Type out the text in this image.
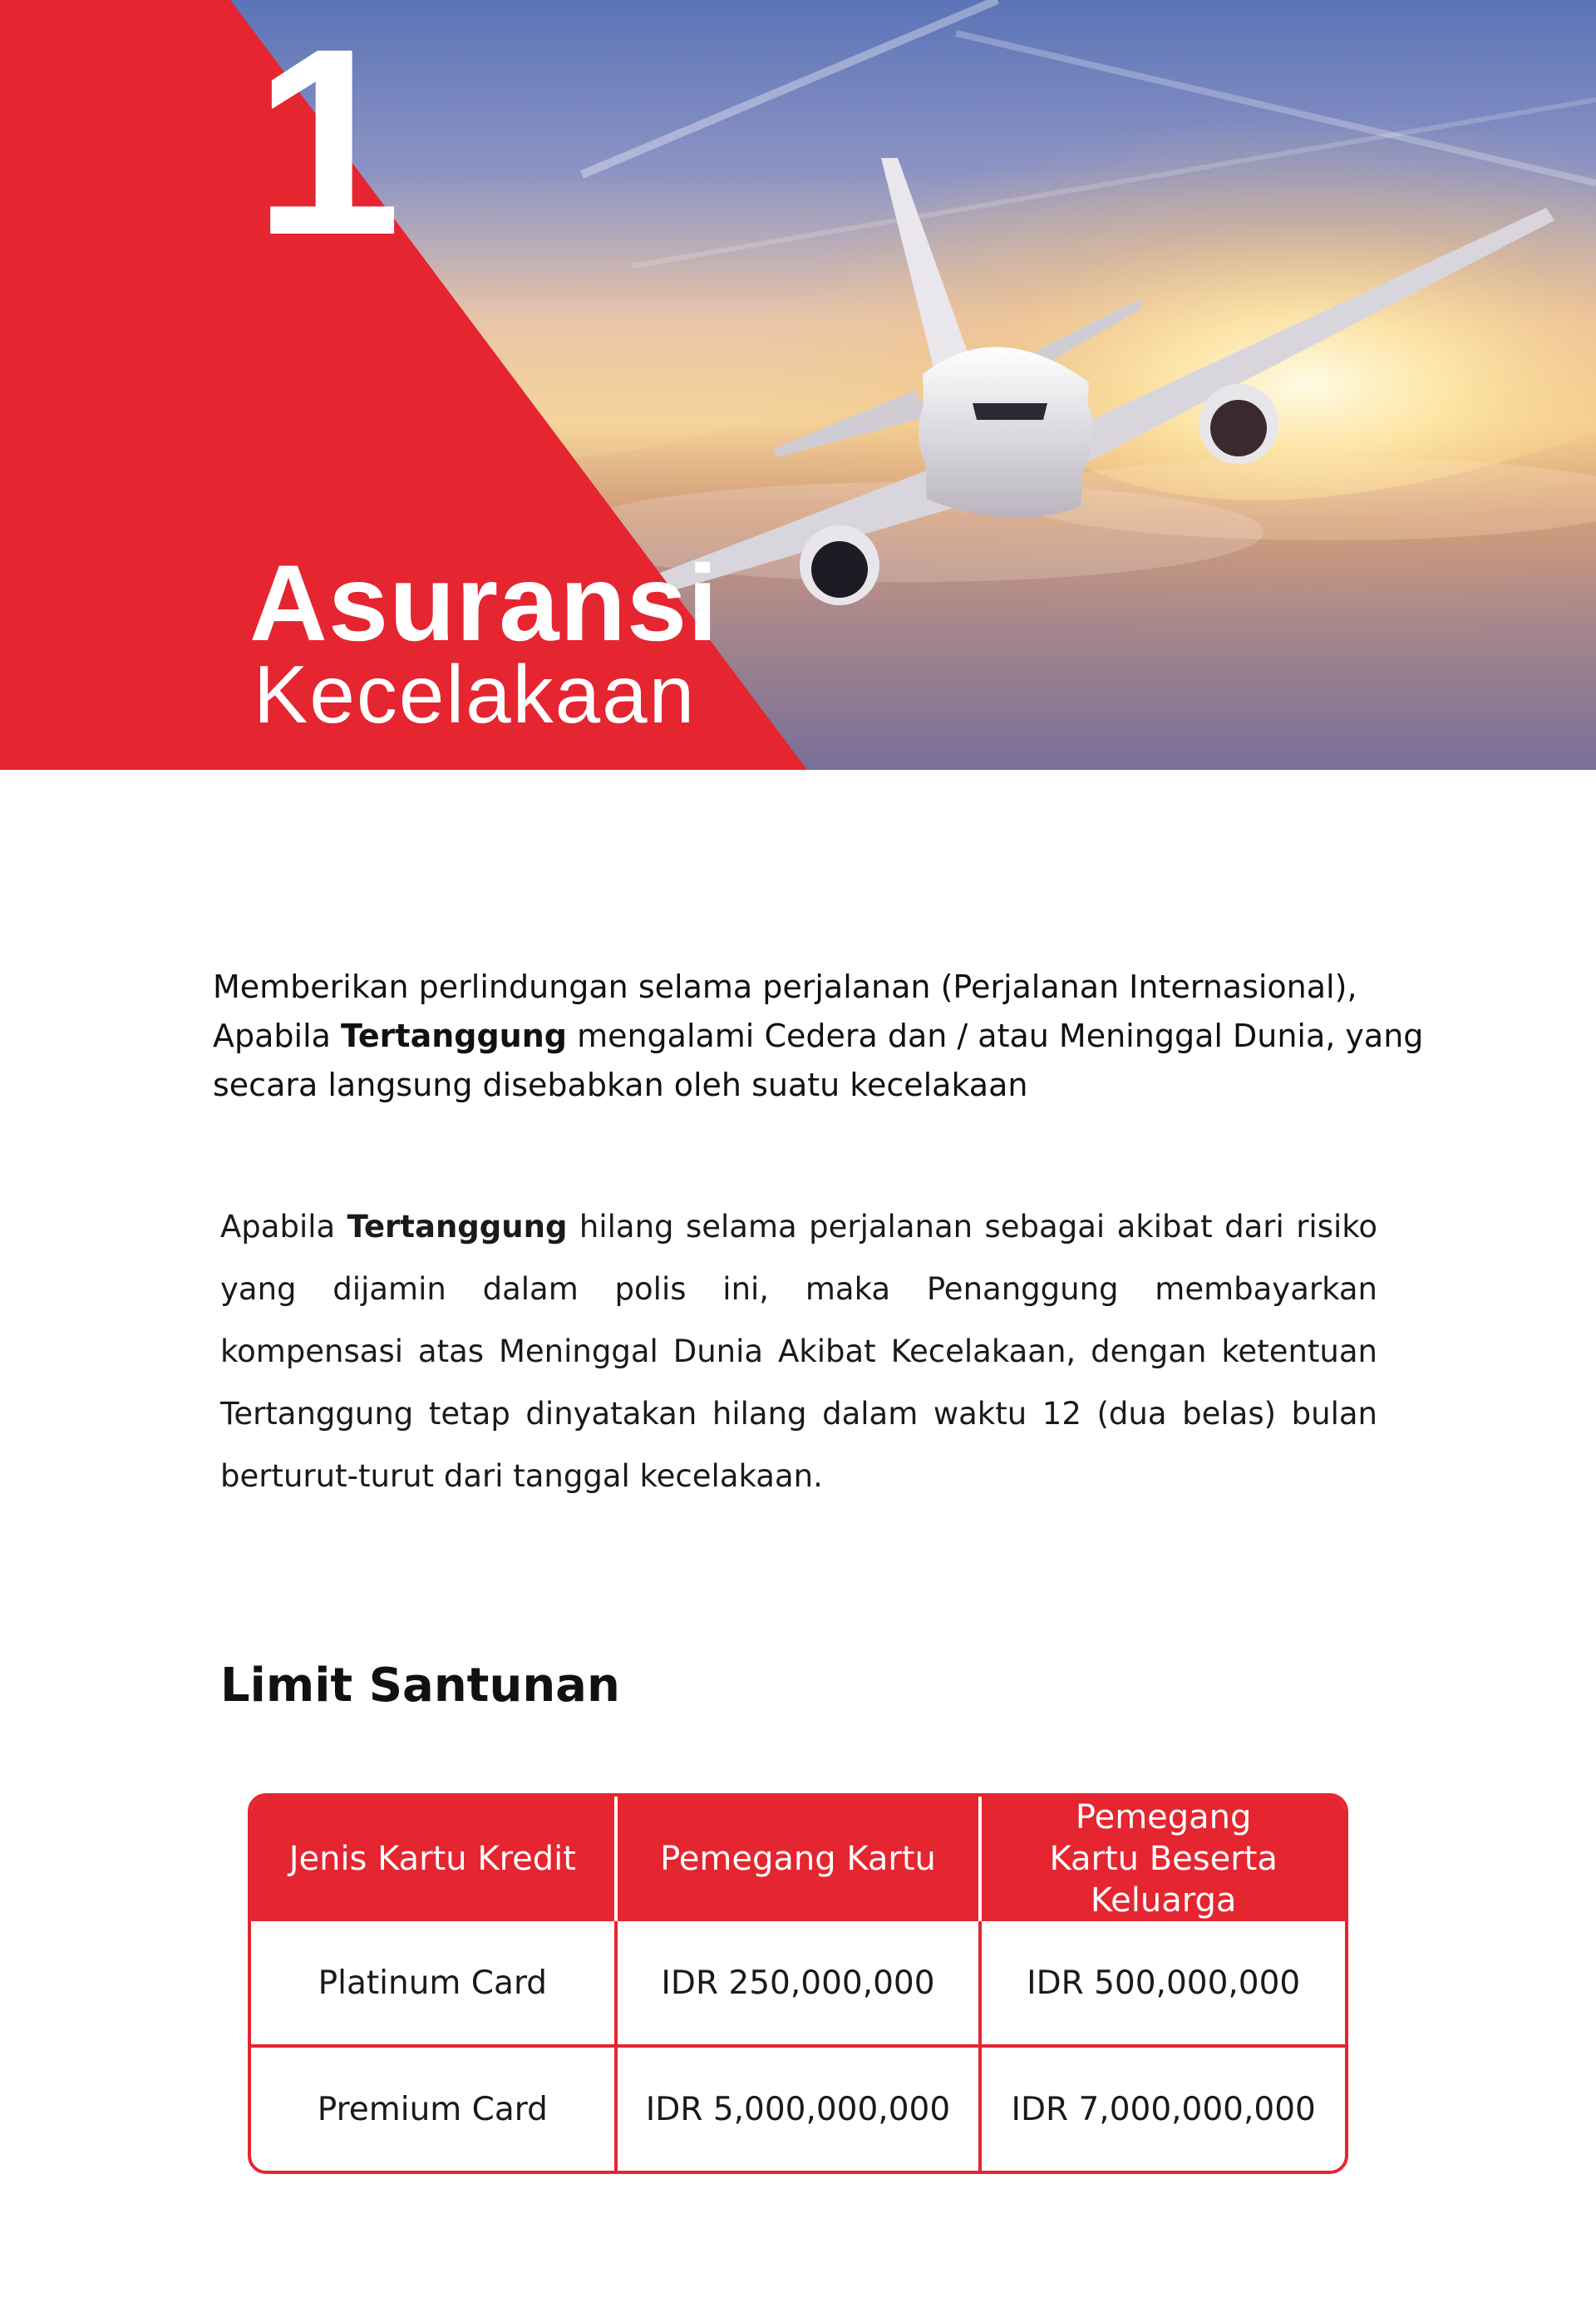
1
Asuransi
Kecelakaan
Memberikan perlindungan selama perjalanan (Perjalanan Internasional),
Apabila Tertanggung mengalami Cedera dan / atau Meninggal Dunia, yang
secara langsung disebabkan oleh suatu kecelakaan
Apabila Tertanggung hilang selama perjalanan sebagai akibat dari risiko yang dijamin dalam polis ini, maka Penanggung membayarkan kompensasi atas Meninggal Dunia Akibat Kecelakaan, dengan ketentuan Tertanggung tetap dinyatakan hilang dalam waktu 12 (dua belas) bulan berturut-turut dari tanggal kecelakaan.
Limit Santunan
Jenis Kartu Kredit	Pemegang Kartu	Pemegang Kartu Beserta Keluarga
Platinum Card	IDR 250,000,000	IDR 500,000,000
Premium Card	IDR 5,000,000,000	IDR 7,000,000,000
